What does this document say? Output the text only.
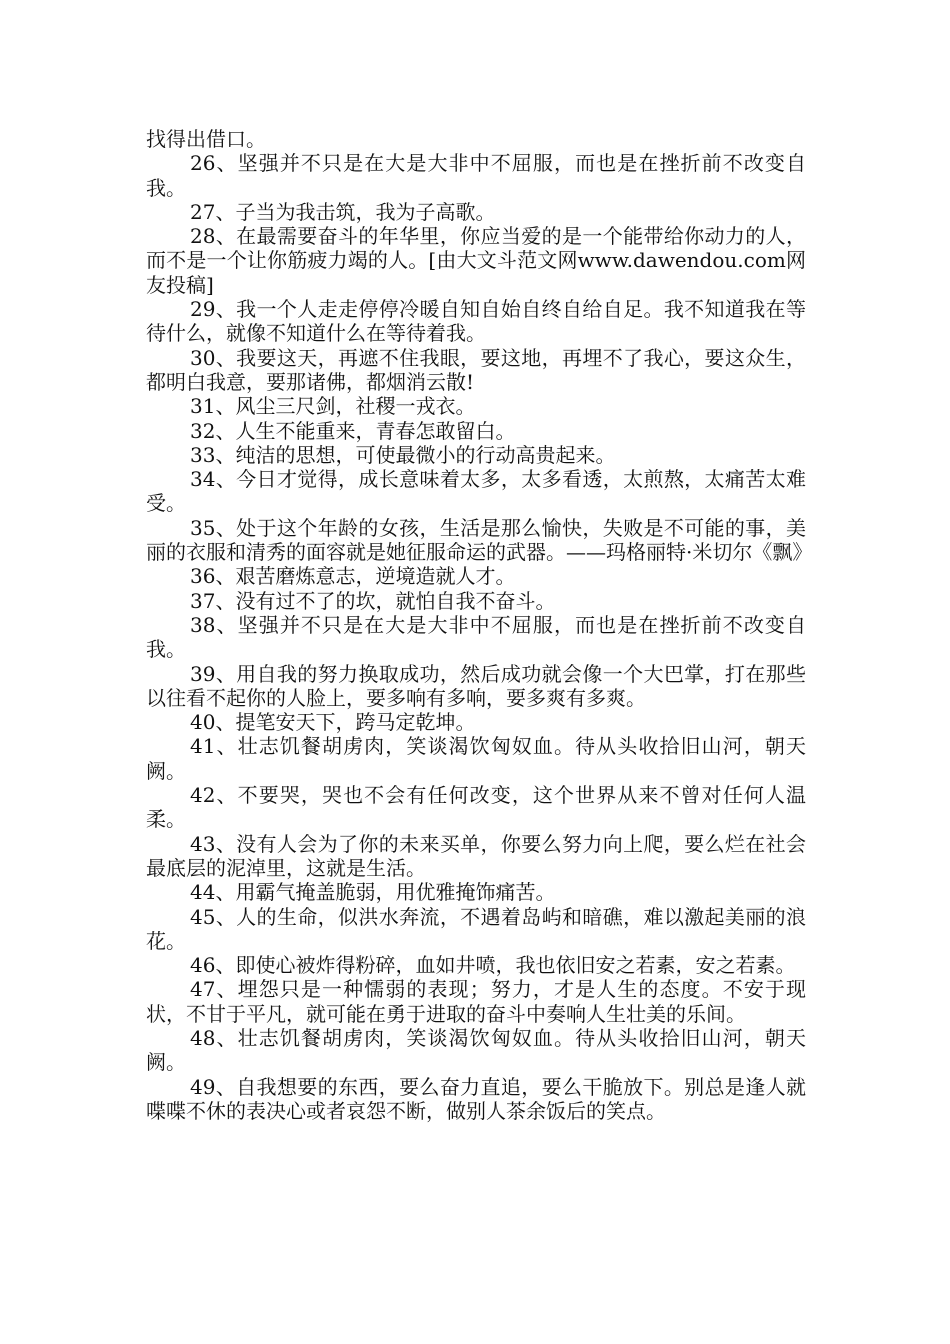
找得出借口。

26、坚强并不只是在大是大非中不屈服，而也是在挫折前不改变自我。

27、子当为我击筑，我为子高歌。

28、在最需要奋斗的年华里，你应当爱的是一个能带给你动力的人，而不是一个让你筋疲力竭的人。[由大文斗范文网www.dawendou.com网友投稿]

29、我一个人走走停停冷暖自知自始自终自给自足。我不知道我在等待什么，就像不知道什么在等待着我。

30、我要这天，再遮不住我眼，要这地，再埋不了我心，要这众生，都明白我意，要那诸佛，都烟消云散!

31、风尘三尺剑，社稷一戎衣。

32、人生不能重来，青春怎敢留白。

33、纯洁的思想，可使最微小的行动高贵起来。

34、今日才觉得，成长意味着太多，太多看透，太煎熬，太痛苦太难受。

35、处于这个年龄的女孩，生活是那么愉快，失败是不可能的事，美丽的衣服和清秀的面容就是她征服命运的武器。——玛格丽特·米切尔《飘》

36、艰苦磨炼意志，逆境造就人才。

37、没有过不了的坎，就怕自我不奋斗。

38、坚强并不只是在大是大非中不屈服，而也是在挫折前不改变自我。

39、用自我的努力换取成功，然后成功就会像一个大巴掌，打在那些以往看不起你的人脸上，要多响有多响，要多爽有多爽。

40、提笔安天下，跨马定乾坤。

41、壮志饥餐胡虏肉，笑谈渴饮匈奴血。待从头收拾旧山河，朝天阙。

42、不要哭，哭也不会有任何改变，这个世界从来不曾对任何人温柔。

43、没有人会为了你的未来买单，你要么努力向上爬，要么烂在社会最底层的泥淖里，这就是生活。

44、用霸气掩盖脆弱，用优雅掩饰痛苦。

45、人的生命，似洪水奔流，不遇着岛屿和暗礁，难以激起美丽的浪花。

46、即使心被炸得粉碎，血如井喷，我也依旧安之若素，安之若素。

47、埋怨只是一种懦弱的表现；努力，才是人生的态度。不安于现状，不甘于平凡，就可能在勇于进取的奋斗中奏响人生壮美的乐间。

48、壮志饥餐胡虏肉，笑谈渴饮匈奴血。待从头收拾旧山河，朝天阙。

49、自我想要的东西，要么奋力直追，要么干脆放下。别总是逢人就喋喋不休的表决心或者哀怨不断，做别人茶余饭后的笑点。
